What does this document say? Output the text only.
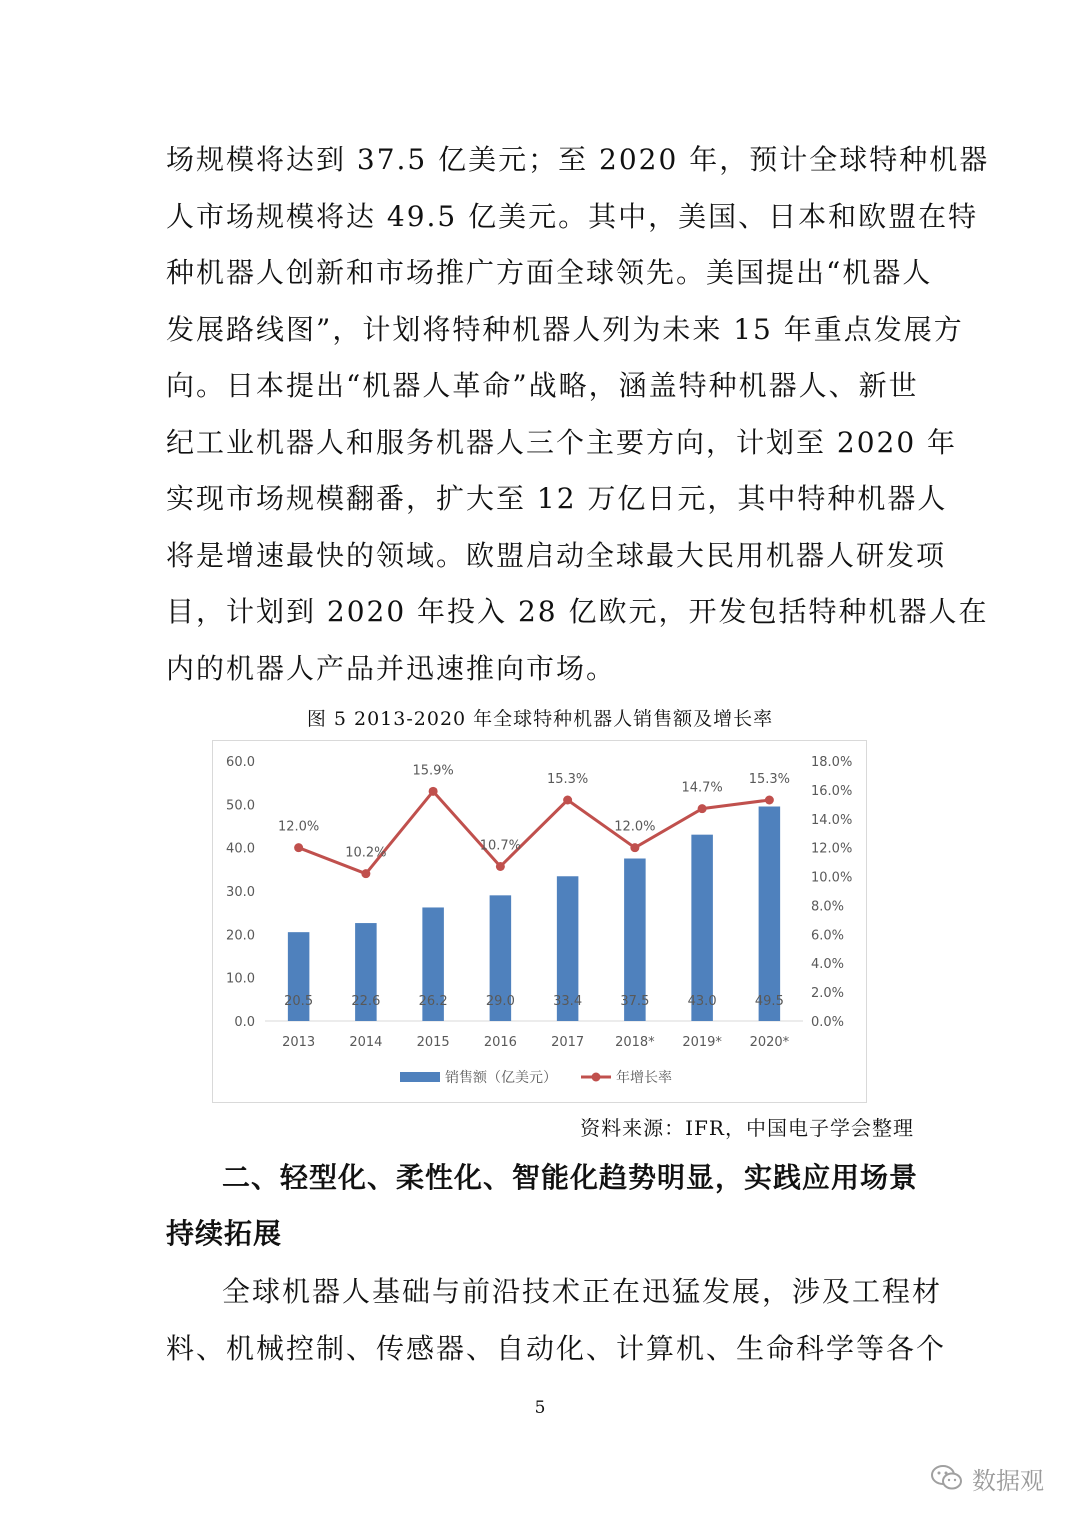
场规模将达到 37.5 亿美元；至 2020 年，预计全球特种机器
人市场规模将达 49.5 亿美元。其中，美国、日本和欧盟在特
种机器人创新和市场推广方面全球领先。美国提出“机器人
发展路线图”，计划将特种机器人列为未来 15 年重点发展方
向。日本提出“机器人革命”战略，涵盖特种机器人、新世
纪工业机器人和服务机器人三个主要方向，计划至 2020 年
实现市场规模翻番，扩大至 12 万亿日元，其中特种机器人
将是增速最快的领域。欧盟启动全球最大民用机器人研发项
目，计划到 2020 年投入 28 亿欧元，开发包括特种机器人在
内的机器人产品并迅速推向市场。
图 5 2013-2020 年全球特种机器人销售额及增长率
0.0
10.0
20.0
30.0
40.0
50.0
60.0
0.0%
2.0%
4.0%
6.0%
8.0%
10.0%
12.0%
14.0%
16.0%
18.0%
20.5
2013
22.6
2014
26.2
2015
29.0
2016
33.4
2017
37.5
2018*
43.0
2019*
49.5
2020*
12.0%
10.2%
15.9%
10.7%
15.3%
12.0%
14.7%
15.3%
销售额（亿美元）	年增长率
资料来源：IFR，中国电子学会整理
二、轻型化、柔性化、智能化趋势明显，实践应用场景
持续拓展
全球机器人基础与前沿技术正在迅猛发展，涉及工程材
料、机械控制、传感器、自动化、计算机、生命科学等各个
5
数据观
